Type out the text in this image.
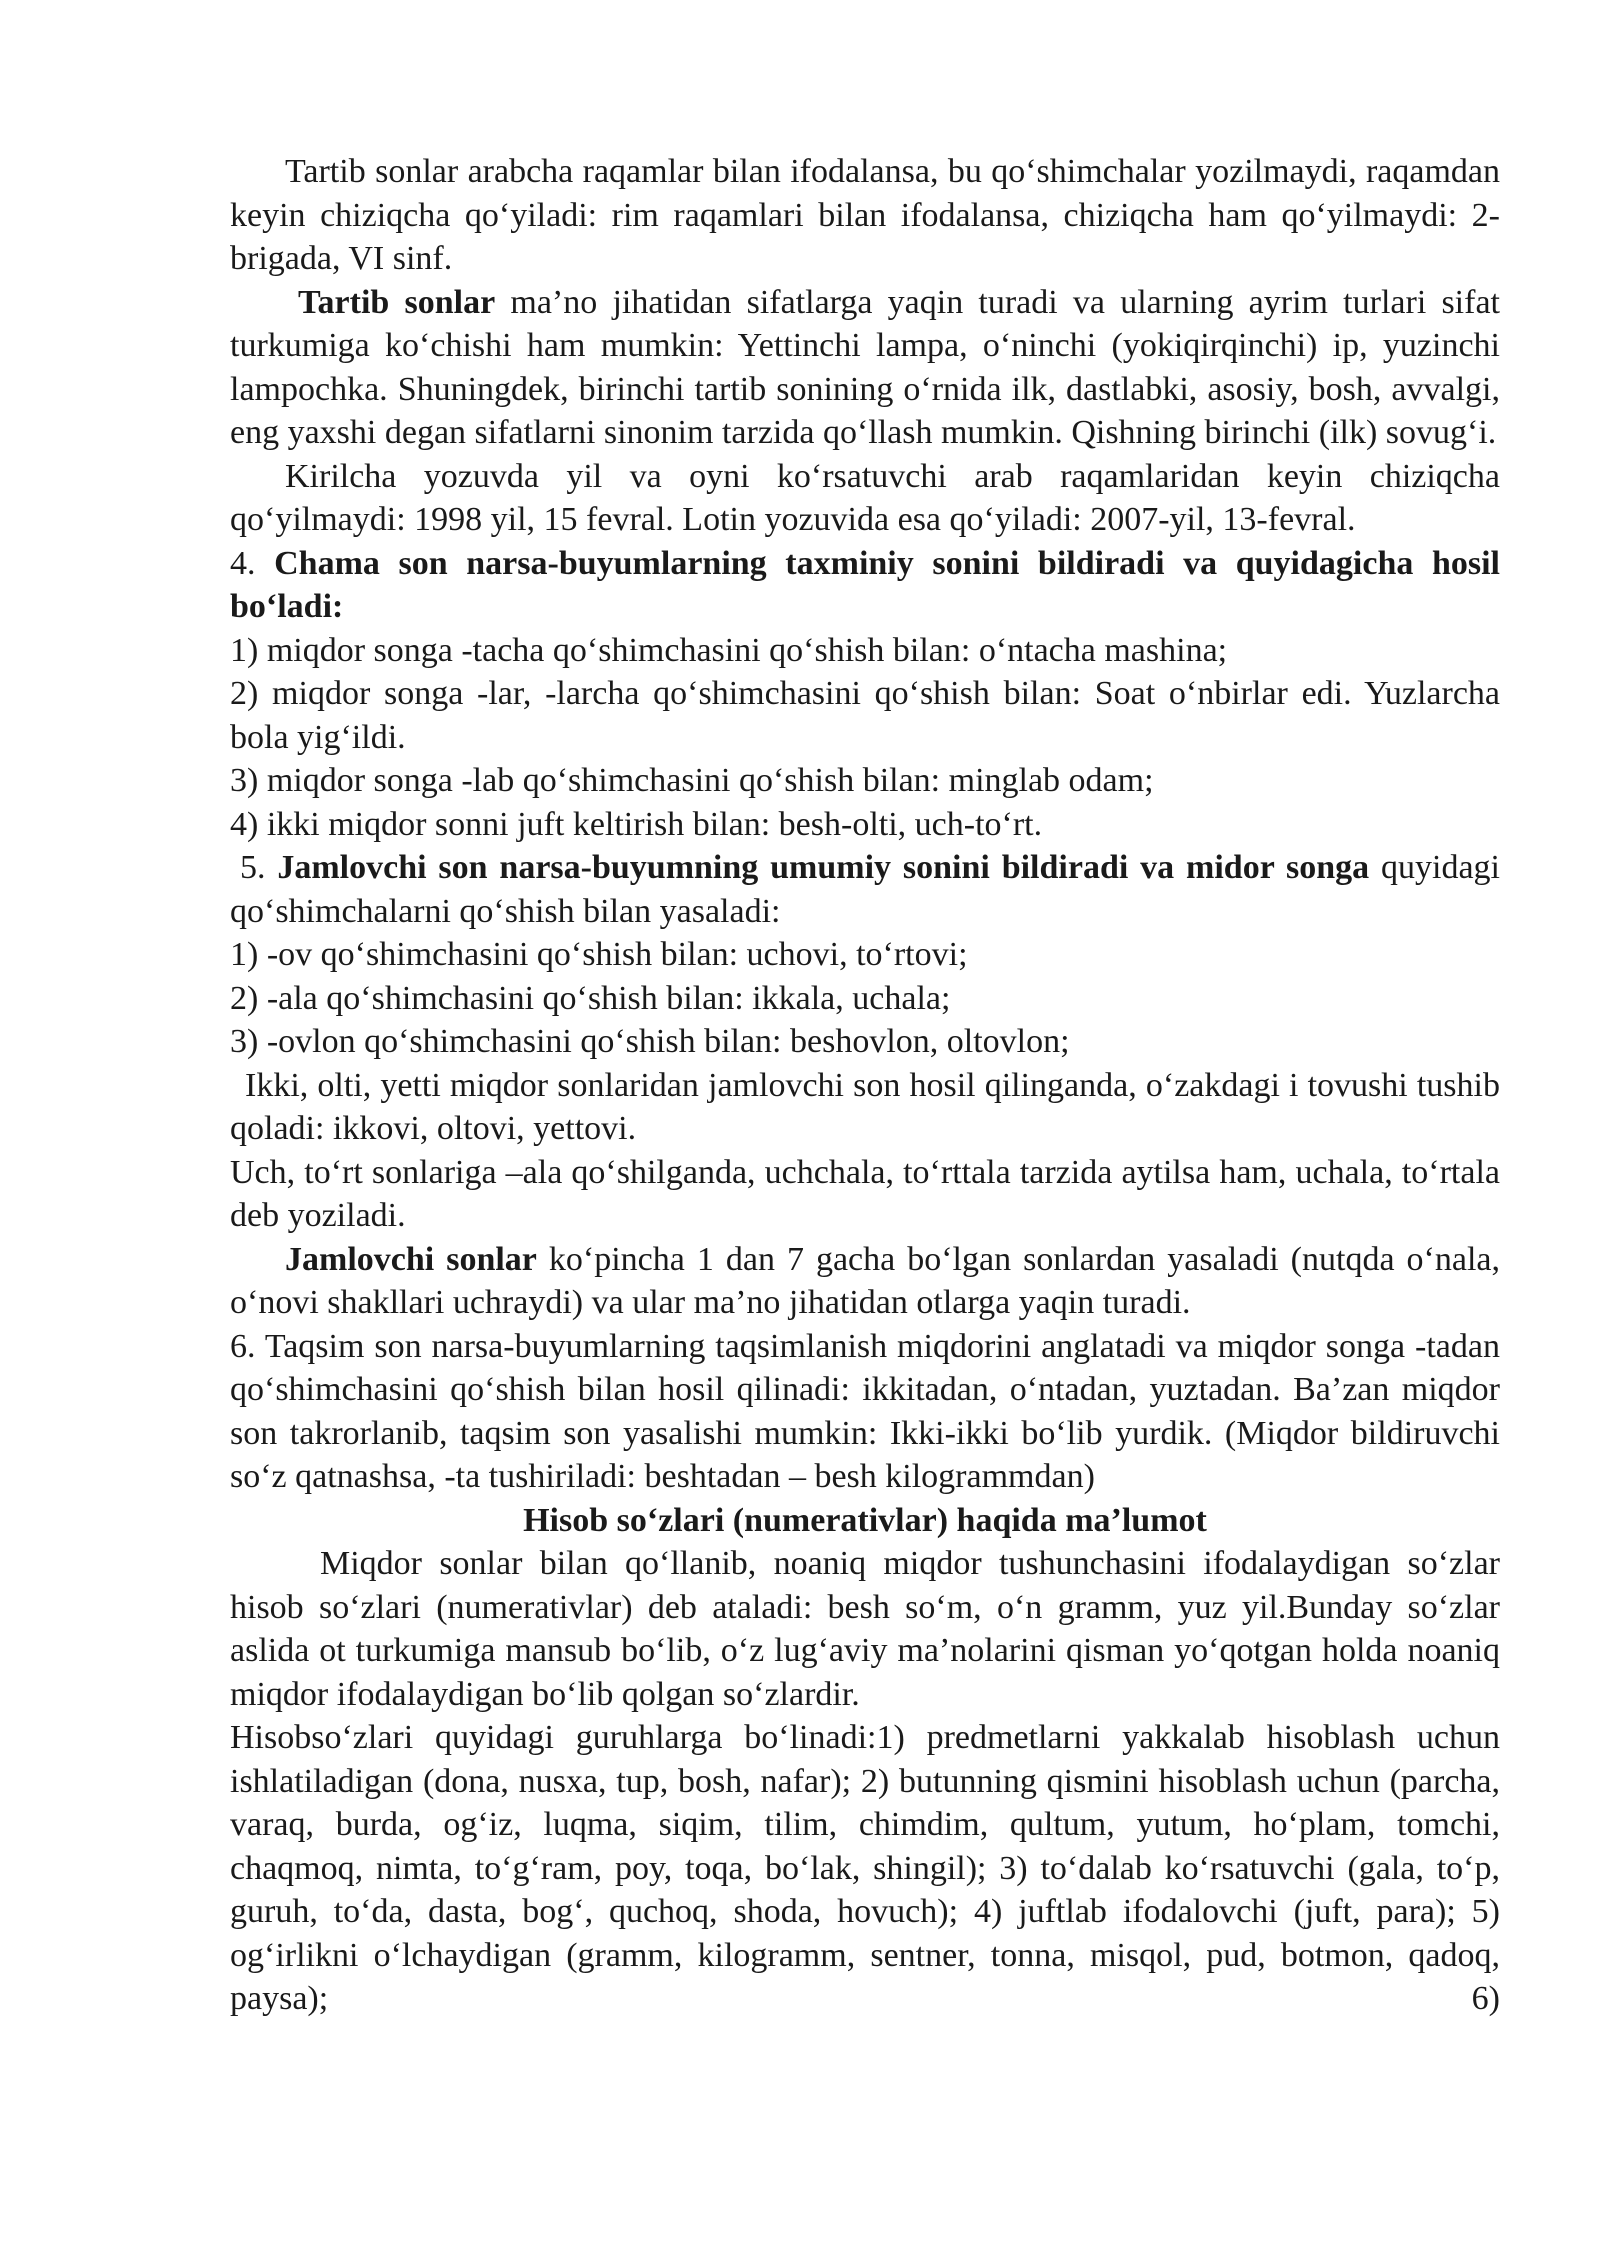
Tartib sonlar arabcha raqamlar bilan ifodalansa, bu qo‘shimchalar yozilmaydi, raqamdan keyin chiziqcha qo‘yiladi: rim raqamlari bilan ifodalansa, chiziqcha ham qo‘yilmaydi: 2-brigada, VI sinf.

Tartib sonlar ma’no jihatidan sifatlarga yaqin turadi va ularning ayrim turlari sifat turkumiga ko‘chishi ham mumkin: Yettinchi lampa, o‘ninchi (yokiqirqinchi) ip, yuzinchi lampochka. Shuningdek, birinchi tartib sonining o‘rnida ilk, dastlabki, asosiy, bosh, avvalgi, eng yaxshi degan sifatlarni sinonim tarzida qo‘llash mumkin. Qishning birinchi (ilk) sovug‘i.

Kirilcha yozuvda yil va oyni ko‘rsatuvchi arab raqamlaridan keyin chiziqcha qo‘yilmaydi: 1998 yil, 15 fevral. Lotin yozuvida esa qo‘yiladi: 2007-yil, 13-fevral.

4. Chama son narsa-buyumlarning taxminiy sonini bildiradi va quyidagicha hosil bo‘ladi:

1) miqdor songa -tacha qo‘shimchasini qo‘shish bilan: o‘ntacha mashina;

2) miqdor songa -lar, -larcha qo‘shimchasini qo‘shish bilan: Soat o‘nbirlar edi. Yuzlarcha bola yig‘ildi.

3) miqdor songa -lab qo‘shimchasini qo‘shish bilan: minglab odam;

4) ikki miqdor sonni juft keltirish bilan: besh-olti, uch-to‘rt.

5. Jamlovchi son narsa-buyumning umumiy sonini bildiradi va midor songa quyidagi qo‘shimchalarni qo‘shish bilan yasaladi:

1) -ov qo‘shimchasini qo‘shish bilan: uchovi, to‘rtovi;

2) -ala qo‘shimchasini qo‘shish bilan: ikkala, uchala;

3) -ovlon qo‘shimchasini qo‘shish bilan: beshovlon, oltovlon;

Ikki, olti, yetti miqdor sonlaridan jamlovchi son hosil qilinganda, o‘zakdagi i tovushi tushib qoladi: ikkovi, oltovi, yettovi.

Uch, to‘rt sonlariga –ala qo‘shilganda, uchchala, to‘rttala tarzida aytilsa ham, uchala, to‘rtala deb yoziladi.

Jamlovchi sonlar ko‘pincha 1 dan 7 gacha bo‘lgan sonlardan yasaladi (nutqda o‘nala, o‘novi shakllari uchraydi) va ular ma’no jihatidan otlarga yaqin turadi.

6. Taqsim son narsa-buyumlarning taqsimlanish miqdorini anglatadi va miqdor songa -tadan qo‘shimchasini qo‘shish bilan hosil qilinadi: ikkitadan, o‘ntadan, yuztadan. Ba’zan miqdor son takrorlanib, taqsim son yasalishi mumkin: Ikki-ikki bo‘lib yurdik. (Miqdor bildiruvchi so‘z qatnashsa, -ta tushiriladi: beshtadan – besh kilogrammdan)

Hisob so‘zlari (numerativlar) haqida ma’lumot

Miqdor sonlar bilan qo‘llanib, noaniq miqdor tushunchasini ifodalaydigan so‘zlar hisob so‘zlari (numerativlar) deb ataladi: besh so‘m, o‘n gramm, yuz yil.Bunday so‘zlar aslida ot turkumiga mansub bo‘lib, o‘z lug‘aviy ma’nolarini qisman yo‘qotgan holda noaniq miqdor ifodalaydigan bo‘lib qolgan so‘zlardir.

Hisobso‘zlari quyidagi guruhlarga bo‘linadi:1) predmetlarni yakkalab hisoblash uchun ishlatiladigan (dona, nusxa, tup, bosh, nafar); 2) butunning qismini hisoblash uchun (parcha, varaq, burda, og‘iz, luqma, siqim, tilim, chimdim, qultum, yutum, ho‘plam, tomchi, chaqmoq, nimta, to‘g‘ram, poy, toqa, bo‘lak, shingil); 3) to‘dalab ko‘rsatuvchi (gala, to‘p, guruh, to‘da, dasta, bog‘, quchoq, shoda, hovuch); 4) juftlab ifodalovchi (juft, para); 5) og‘irlikni o‘lchaydigan (gramm, kilogramm, sentner, tonna, misqol, pud, botmon, qadoq, paysa); 6)
